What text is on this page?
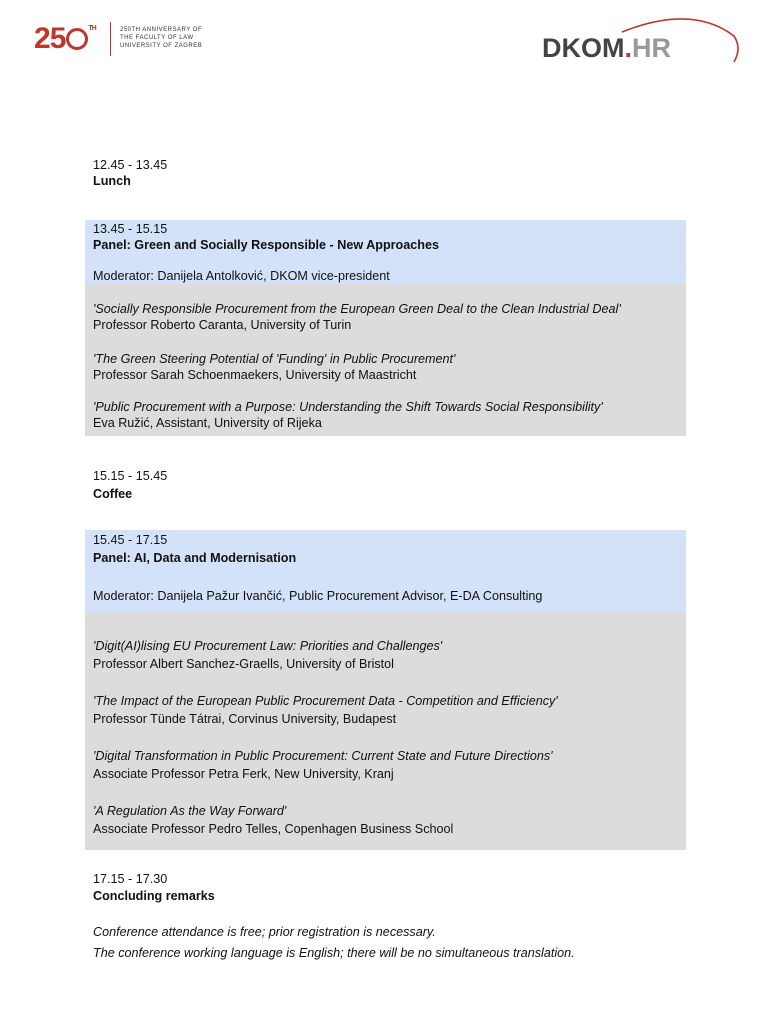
25	$^{TH}$	250TH ANNIVERSARY OF
THE FACULTY OF LAW
UNIVERSITY OF ZAGREB	DKOM.HR
12.45 - 13.45
Lunch
13.45 - 15.15
Panel: Green and Socially Responsible - New Approaches
Moderator: Danijela Antolković, DKOM vice-president
'Socially Responsible Procurement from the European Green Deal to the Clean Industrial Deal'
Professor Roberto Caranta, University of Turin
'The Green Steering Potential of 'Funding' in Public Procurement'
Professor Sarah Schoenmaekers, University of Maastricht
'Public Procurement with a Purpose: Understanding the Shift Towards Social Responsibility'
Eva Ružić, Assistant, University of Rijeka
15.15 - 15.45
Coffee
15.45 - 17.15
Panel: AI, Data and Modernisation
Moderator: Danijela Pažur Ivančić, Public Procurement Advisor, E-DA Consulting
'Digit(AI)lising EU Procurement Law: Priorities and Challenges'
Professor Albert Sanchez-Graells, University of Bristol
'The Impact of the European Public Procurement Data - Competition and Efficiency'
Professor Tünde Tátrai, Corvinus University, Budapest
'Digital Transformation in Public Procurement: Current State and Future Directions'
Associate Professor Petra Ferk, New University, Kranj
'A Regulation As the Way Forward'
Associate Professor Pedro Telles, Copenhagen Business School
17.15 - 17.30
Concluding remarks
Conference attendance is free; prior registration is necessary.
The conference working language is English; there will be no simultaneous translation.
